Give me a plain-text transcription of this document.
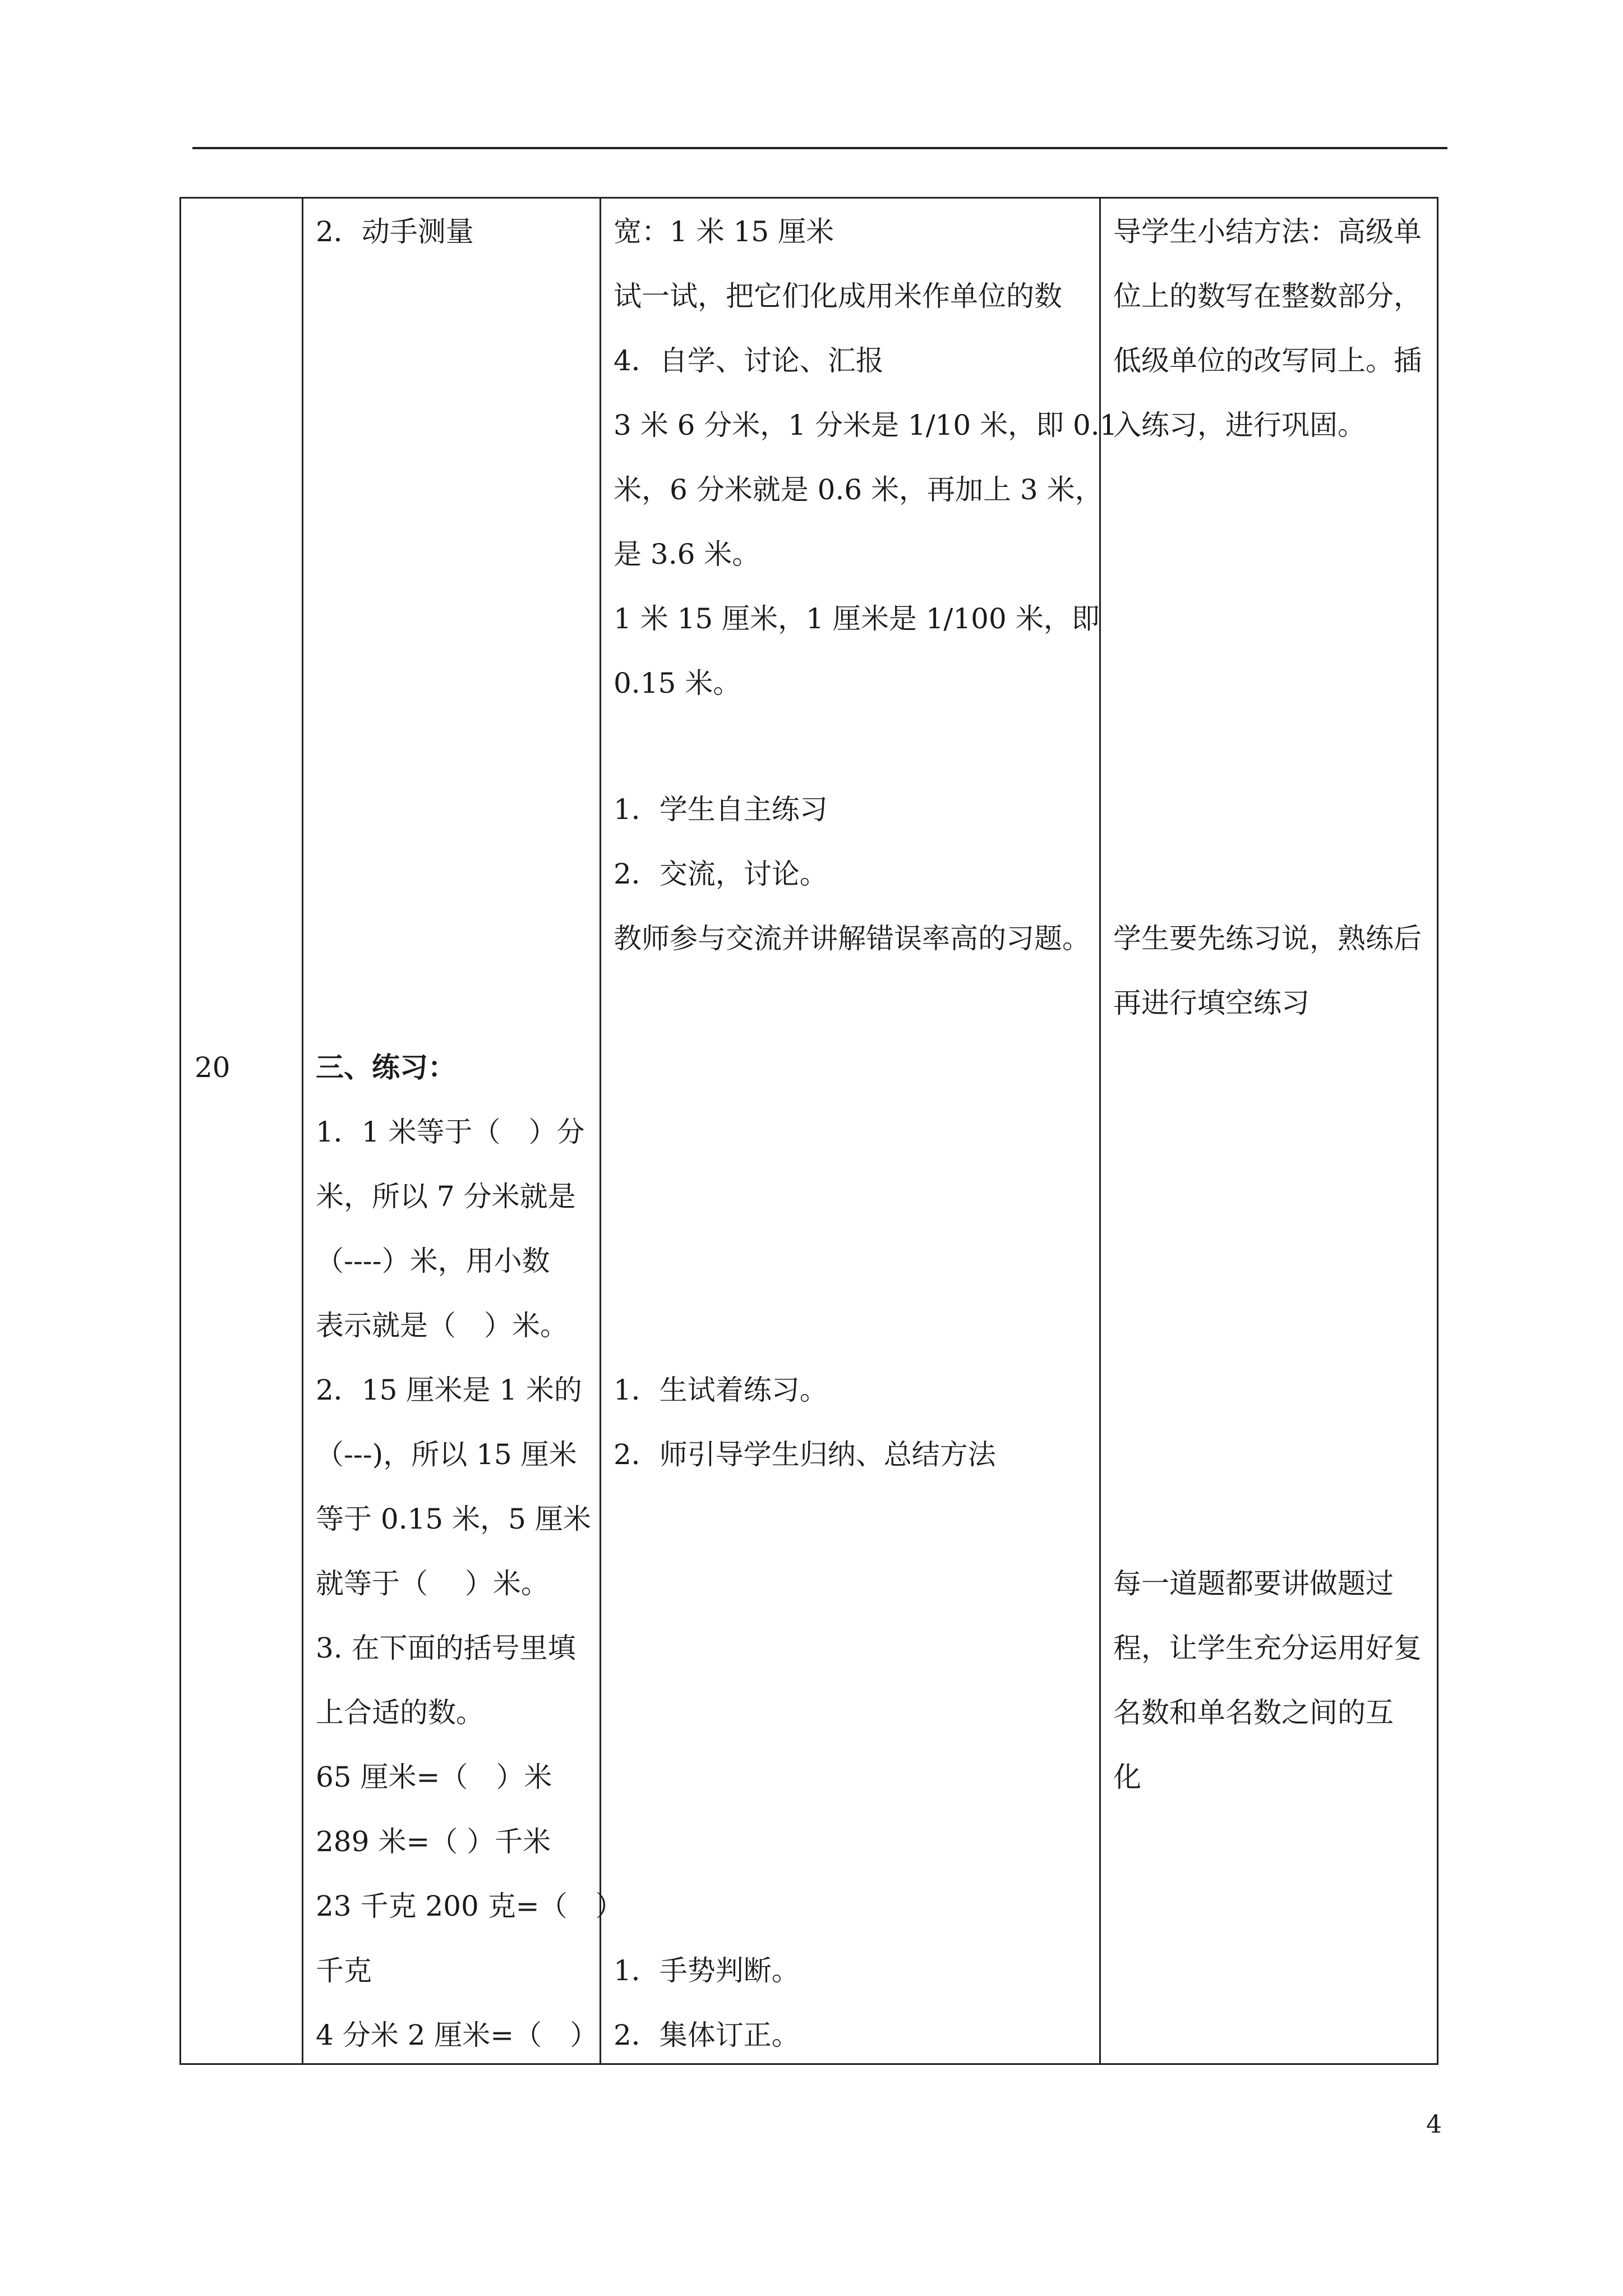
20
2．动手测量
三、练习：
1．1 米等于（　）分
米，所以 7 分米就是
（----）米，用小数
表示就是（　）米。
2．15 厘米是 1 米的
（---)，所以 15 厘米
等于 0.15 米，5 厘米
就等于（　 ）米。
3. 在下面的括号里填
上合适的数。
65 厘米=（　）米
289 米=（ ）千米
23 千克 200 克=（　）
千克
4 分米 2 厘米=（　）
宽：1 米 15 厘米
试一试，把它们化成用米作单位的数
4．自学、讨论、汇报
3 米 6 分米，1 分米是 1/10 米，即 0.1
米，6 分米就是 0.6 米，再加上 3 米，
是 3.6 米。
1 米 15 厘米，1 厘米是 1/100 米，即
0.15 米。
1．学生自主练习
2．交流，讨论。
教师参与交流并讲解错误率高的习题。
1．生试着练习。
2．师引导学生归纳、总结方法
1．手势判断。
2．集体订正。
导学生小结方法：高级单
位上的数写在整数部分，
低级单位的改写同上。插
入练习，进行巩固。
学生要先练习说，熟练后
再进行填空练习
每一道题都要讲做题过
程，让学生充分运用好复
名数和单名数之间的互
化
4
